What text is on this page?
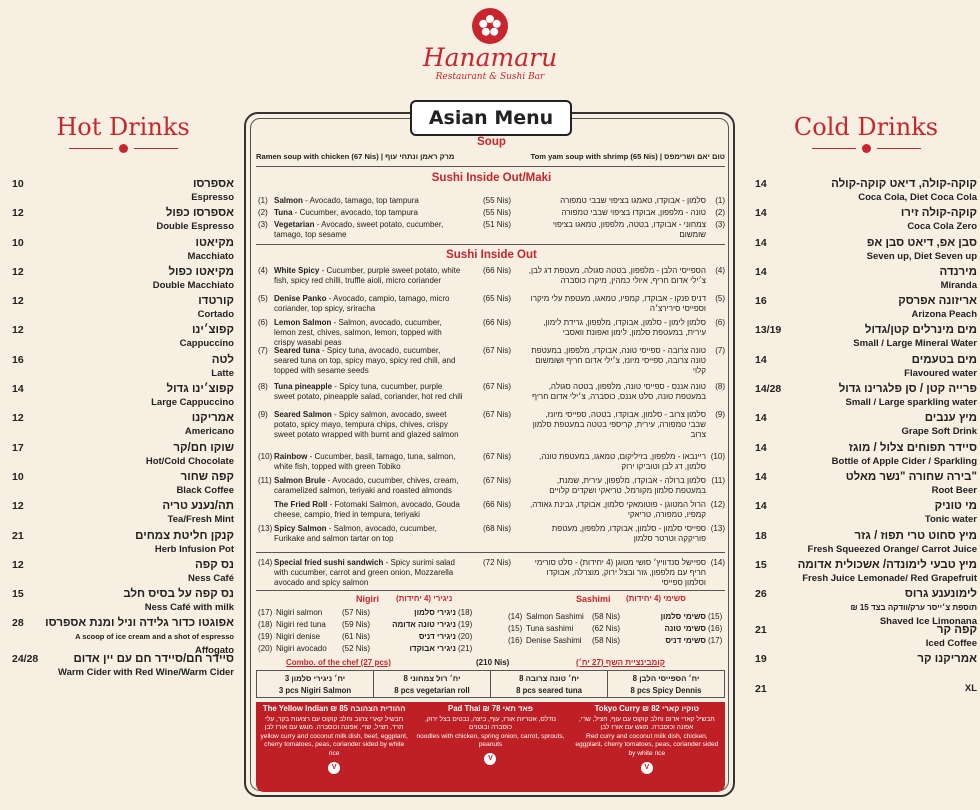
Hanamaru
Restaurant & Sushi Bar
Hot Drinks
10	אספרסו
Espresso
12	אספרסו כפול
Double Espresso
10	מקיאטו
Macchiato
12	מקיאטו כפול
Double Macchiato
12	קורטדו
Cortado
12	קפוצ׳ינו
Cappuccino
16	לטה
Latte
14	קפוצ׳ינו גדול
Large Cappuccino
12	אמריקנו
Americano
17	שוקו חם/קר
Hot/Cold Chocolate
10	קפה שחור
Black Coffee
12	תה/נענע טריה
Tea/Fresh Mint
21	קנקן חליטת צמחים
Herb Infusion Pot
12	נס קפה
Ness Café
15	נס קפה על בסיס חלב
Ness Café with milk
28	אפוגטו כדור גלידה וניל ומנת אספרסו
A scoop of ice cream and a shot of espresso
Affogato
24/28	סיידר חם/סיידר חם עם יין אדום
Warm Cider with Red Wine/Warm Cider
Cold Drinks
14	קוקה-קולה, דיאט קוקה-קולה
Coca Cola, Diet Coca Cola
14	קוקה-קולה זירו
Coca Cola Zero
14	סבן אפ, דיאט סבן אפ
Seven up, Diet Seven up
14	מירנדה
Miranda
16	אריזונה אפרסק
Arizona Peach
13/19	מים מינרלים קטן/גדול
Small / Large Mineral Water
14	מים בטעמים
Flavoured water
14/28	פרייה קטן / סן פלגרינו גדול
Small / Large sparkling water
14	מיץ ענבים
Grape Soft Drink
14	סיידר תפוחים צלול / מוגז
Bottle of Apple Cider / Sparkling
14	בירה שחורה "נשר מאלט"
Root Beer
14	מי טוניק
Tonic water
18	מיץ סחוט טרי תפוז / גזר
Fresh Squeezed Orange/ Carrot Juice
15	מיץ טבעי לימונדה/ אשכולית אדומה
Fresh Juice Lemonade/ Red Grapefruit
26	לימונענע גרוס
תוספת צ׳ייסר ערק/וודקה בצד 15 ₪
Shaved Ice Limonana
21	קפה קר
Iced Coffee
19	אמריקנו קר
21	XL
Asian Menu
Soup
Ramen soup with chicken (67 Nis) | מרק ראמן ונתחי עוף	Tom yam soup with shrimp (65 Nis) | טום יאם ושרימפס
Sushi Inside Out/Maki
(1) Salmon - Avocado, tamago, top tampura	(55 Nis)	סלמון - אבוקדו, טאמגו בציפוי שבבי טמפורה (1)
(2) Tuna - Cucumber, avocado, top tampura	(55 Nis)	טונה - מלפפון, אבוקדו בציפוי שבבי טמפורה (2)
(3) Vegetarian - Avocado, sweet potato, cucumber, tamago, top sesame
(51 Nis)	צמחוני - אבוקדו, בטטה, מלפפון, טמאגו בציפוי שומשום
(3)
Sushi Inside Out
(4) White Spicy - Cucumber, purple sweet potato, white fish, spicy red chilli, truffle aioli, micro coriander
(66 Nis)	הספייסי הלבן - מלפפון, בטטה סגולה, מעטפת דג לבן, צ׳ילי אדום חריף, איולי כמהין, מיקרו כוסברה
(4)
(5) Denise Panko - Avocado, campio, tamago, micro coriander, top spicy, sriracha
(65 Nis)	דניס פנקו - אבוקדו, קמפיו, טמאגו, מעטפת עלי מיקרו וספייסי סירירצ׳ה
(5)
(6) Lemon Salmon - Salmon, avocado, cucumber, lemon zest, chives, salmon, lemon, topped with crispy wasabi peas
(66 Nis)	סלמון לימון - סלמון, אבוקדו, מלפפון, גרידת לימון, עירית, במעטפת סלמון, לימון ואפונת וואסבי
(6)
(7) Seared tuna - Spicy tuna, avocado, cucumber, seared tuna on top, spicy mayo, spicy red chili, and topped with sesame seeds
(67 Nis)	טונה צרובה - ספייסי טונה, אבוקדו, מלפפון, במעטפת טונה צרובה, ספייסי מיונז, צ׳ילי אדום חריף ושומשום קלוי
(7)
(8) Tuna pineapple - Spicy tuna, cucumber, purple sweet potato, pineapple salad, coriander, hot red chili
(67 Nis)	טונה אננס - ספייסי טונה, מלפפון, בטטה סגולה, במעטפת טונה, סלט אננס, כוסברה, צ׳ילי אדום חריף
(8)
(9) Seared Salmon - Spicy salmon, avocado, sweet potato, spicy mayo, tempura chips, chives, crispy sweet potato wrapped with burnt and glazed salmon
(67 Nis)	סלמון צרוב - סלמון, אבוקדו, בטטה, ספייסי מיונז, שבבי טמפורה, עירית, קריספי בטטה במעטפת סלמון צרוב
(9)
(10) Rainbow - Cucumber, basil, tamago, tuna, salmon, white fish, topped with green Tobiko
(67 Nis)	ריינבאו - מלפפון, בזיליקום, טמאגו, במעטפת טונה, סלמון, דג לבן וטוביקו ירוק
(10)
(11) Salmon Brule - Avocado, cucumber, chives, cream, caramelized salmon, teriyaki and roasted almonds
(67 Nis)	סלמון ברולה - אבוקדו, מלפפון, עירית, שמנת, במעטפת סלמון מקורמל, טריאקי ושקדים קלויים
(11)
The Fried Roll - Fotomaki Salmon, avocado, Gouda cheese, campio, fried in tempura, teriyaki
(66 Nis)	הרול המטוגן - פוטומאקי סלמון, אבוקדו, גבינת גאודה, קמפיו, טמפורה, טריאקי
(12)
(13) Spicy Salmon - Salmon, avocado, cucumber, Furikake and salmon tartar on top
(68 Nis)	ספייסי סלמון - סלמון, אבוקדו, מלפפון, מעטפת פוריקקה וטרטר סלמון
(13)
(14) Special fried sushi sandwich - Spicy surimi salad with cucumber, carrot and green onion, Mozzarella avocado and spicy salmon
(72 Nis)	ספיישל סנדוויץ׳ סושי מטוגן (4 יחידות) - סלט סורימי חריף עם מלפפון, גזר ובצל ירוק, מוצרלה, אבוקדו וסלמון ספייסי
(14)
Nigiri ניגירי (4 יחידות)	Sashimi סשימי (4 יחידות)
(17) Nigiri salmon (57 Nis)	ניגירי סלמון (18)
(18) Nigiri red tuna (59 Nis)	ניגירי טונה אדומה (19)
(19) Nigiri denise	(61 Nis)	ניגירי דניס (20)
(20) Nigiri avocado (52 Nis)	ניגירי אבוקדו (21)
(14) Salmon Sashimi (58 Nis)	סשימי סלמון (15)
(15) Tuna sashimi (62 Nis)	סשימי טונה (16)
(16) Denise Sashimi (58 Nis)	סשימי דניס (17)
Combo. of the chef (27 pcs)	(210 Nis)	קומבינציית השף (27 יח׳)
3 יח׳ ניגירי סלמון
3 pcs Nigiri Salmon
8 יח׳ רול צמחוני
8 pcs vegetarian roll
8 יח׳ טונה צרובה
8 pcs seared tuna
8 יח׳ הספייסי הלבן
8 pcs Spicy Dennis
The Yellow Indian ₪ 85 ההודית הצהובה
תבשיל קארי צהוב וחלב קוקוס עם רצועות בקר, עלי תרד, חציל, שרי, אפונה וכוסברה. מוגש עם אורז לבן
yellow curry and coconut milk dish, beef, eggplant, cherry tomatoes, peas, coriander sided by white rice
V
Pad Thai ₪ 78 פאד תאי
נודלס, אטריות אורז, עוף, ביצה, נבטים בצל ירוק, כוסברה ובוטנים
noodles with chicken, spring onion, carrot, sprouts, peanuts
V
Tokyo Curry ₪ 82 טוקיו קארי
תבשיל קארי אדום וחלב קוקוס עם עוף, חציל, שרי, אפונה וכוסברה. מוגש עם אורז לבן
Red curry and coconut milk dish, chicken, eggplant, cherry tomatoes, peas, coriander sided by white rice
V
